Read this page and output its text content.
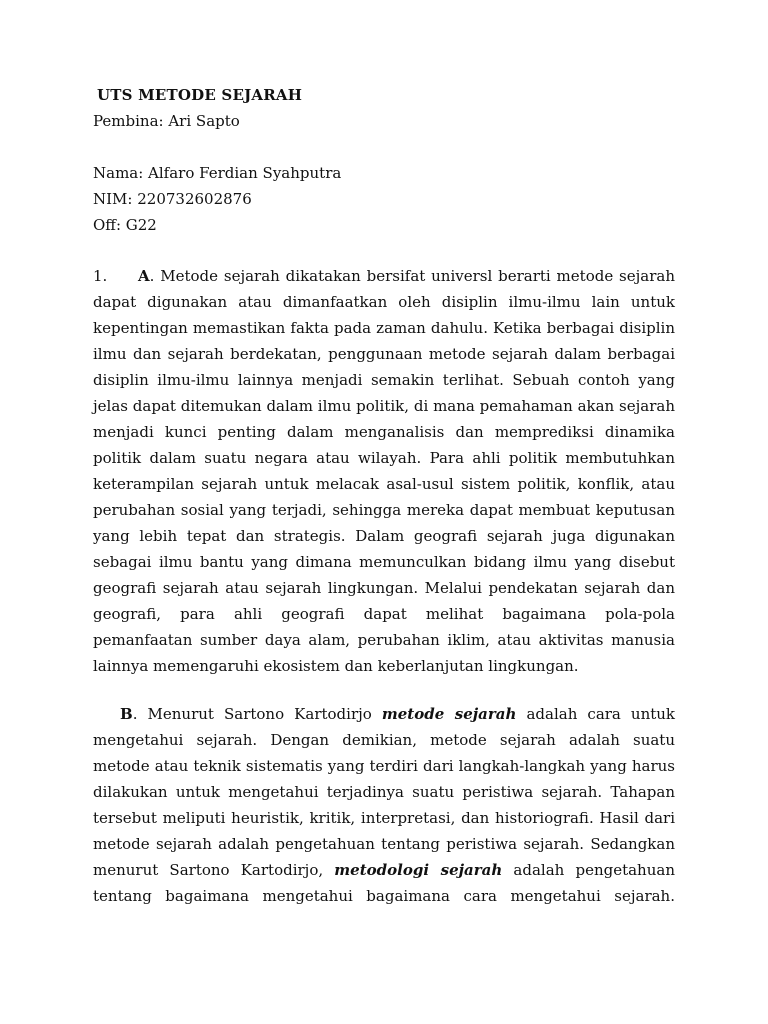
UTS METODE SEJARAH
Pembina: Ari Sapto
Nama: Alfaro Ferdian Syahputra
NIM: 220732602876
Off: G22

1. A. Metode sejarah dikatakan bersifat universl berarti metode sejarah dapat digunakan atau dimanfaatkan oleh disiplin ilmu-ilmu lain untuk kepentingan memastikan fakta pada zaman dahulu. Ketika berbagai disiplin ilmu dan sejarah berdekatan, penggunaan metode sejarah dalam berbagai disiplin ilmu-ilmu lainnya menjadi semakin terlihat. Sebuah contoh yang jelas dapat ditemukan dalam ilmu politik, di mana pemahaman akan sejarah menjadi kunci penting dalam menganalisis dan memprediksi dinamika politik dalam suatu negara atau wilayah. Para ahli politik membutuhkan keterampilan sejarah untuk melacak asal-usul sistem politik, konflik, atau perubahan sosial yang terjadi, sehingga mereka dapat membuat keputusan yang lebih tepat dan strategis. Dalam geografi sejarah juga digunakan sebagai ilmu bantu yang dimana memunculkan bidang ilmu yang disebut geografi sejarah atau sejarah lingkungan. Melalui pendekatan sejarah dan geografi, para ahli geografi dapat melihat bagaimana pola-pola pemanfaatan sumber daya alam, perubahan iklim, atau aktivitas manusia lainnya memengaruhi ekosistem dan keberlanjutan lingkungan.

B. Menurut Sartono Kartodirjo metode sejarah adalah cara untuk mengetahui sejarah. Dengan demikian, metode sejarah adalah suatu metode atau teknik sistematis yang terdiri dari langkah-langkah yang harus dilakukan untuk mengetahui terjadinya suatu peristiwa sejarah. Tahapan tersebut meliputi heuristik, kritik, interpretasi, dan historiografi. Hasil dari metode sejarah adalah pengetahuan tentang peristiwa sejarah. Sedangkan menurut Sartono Kartodirjo, metodologi sejarah adalah pengetahuan tentang bagaimana mengetahui bagaimana cara mengetahui sejarah.
